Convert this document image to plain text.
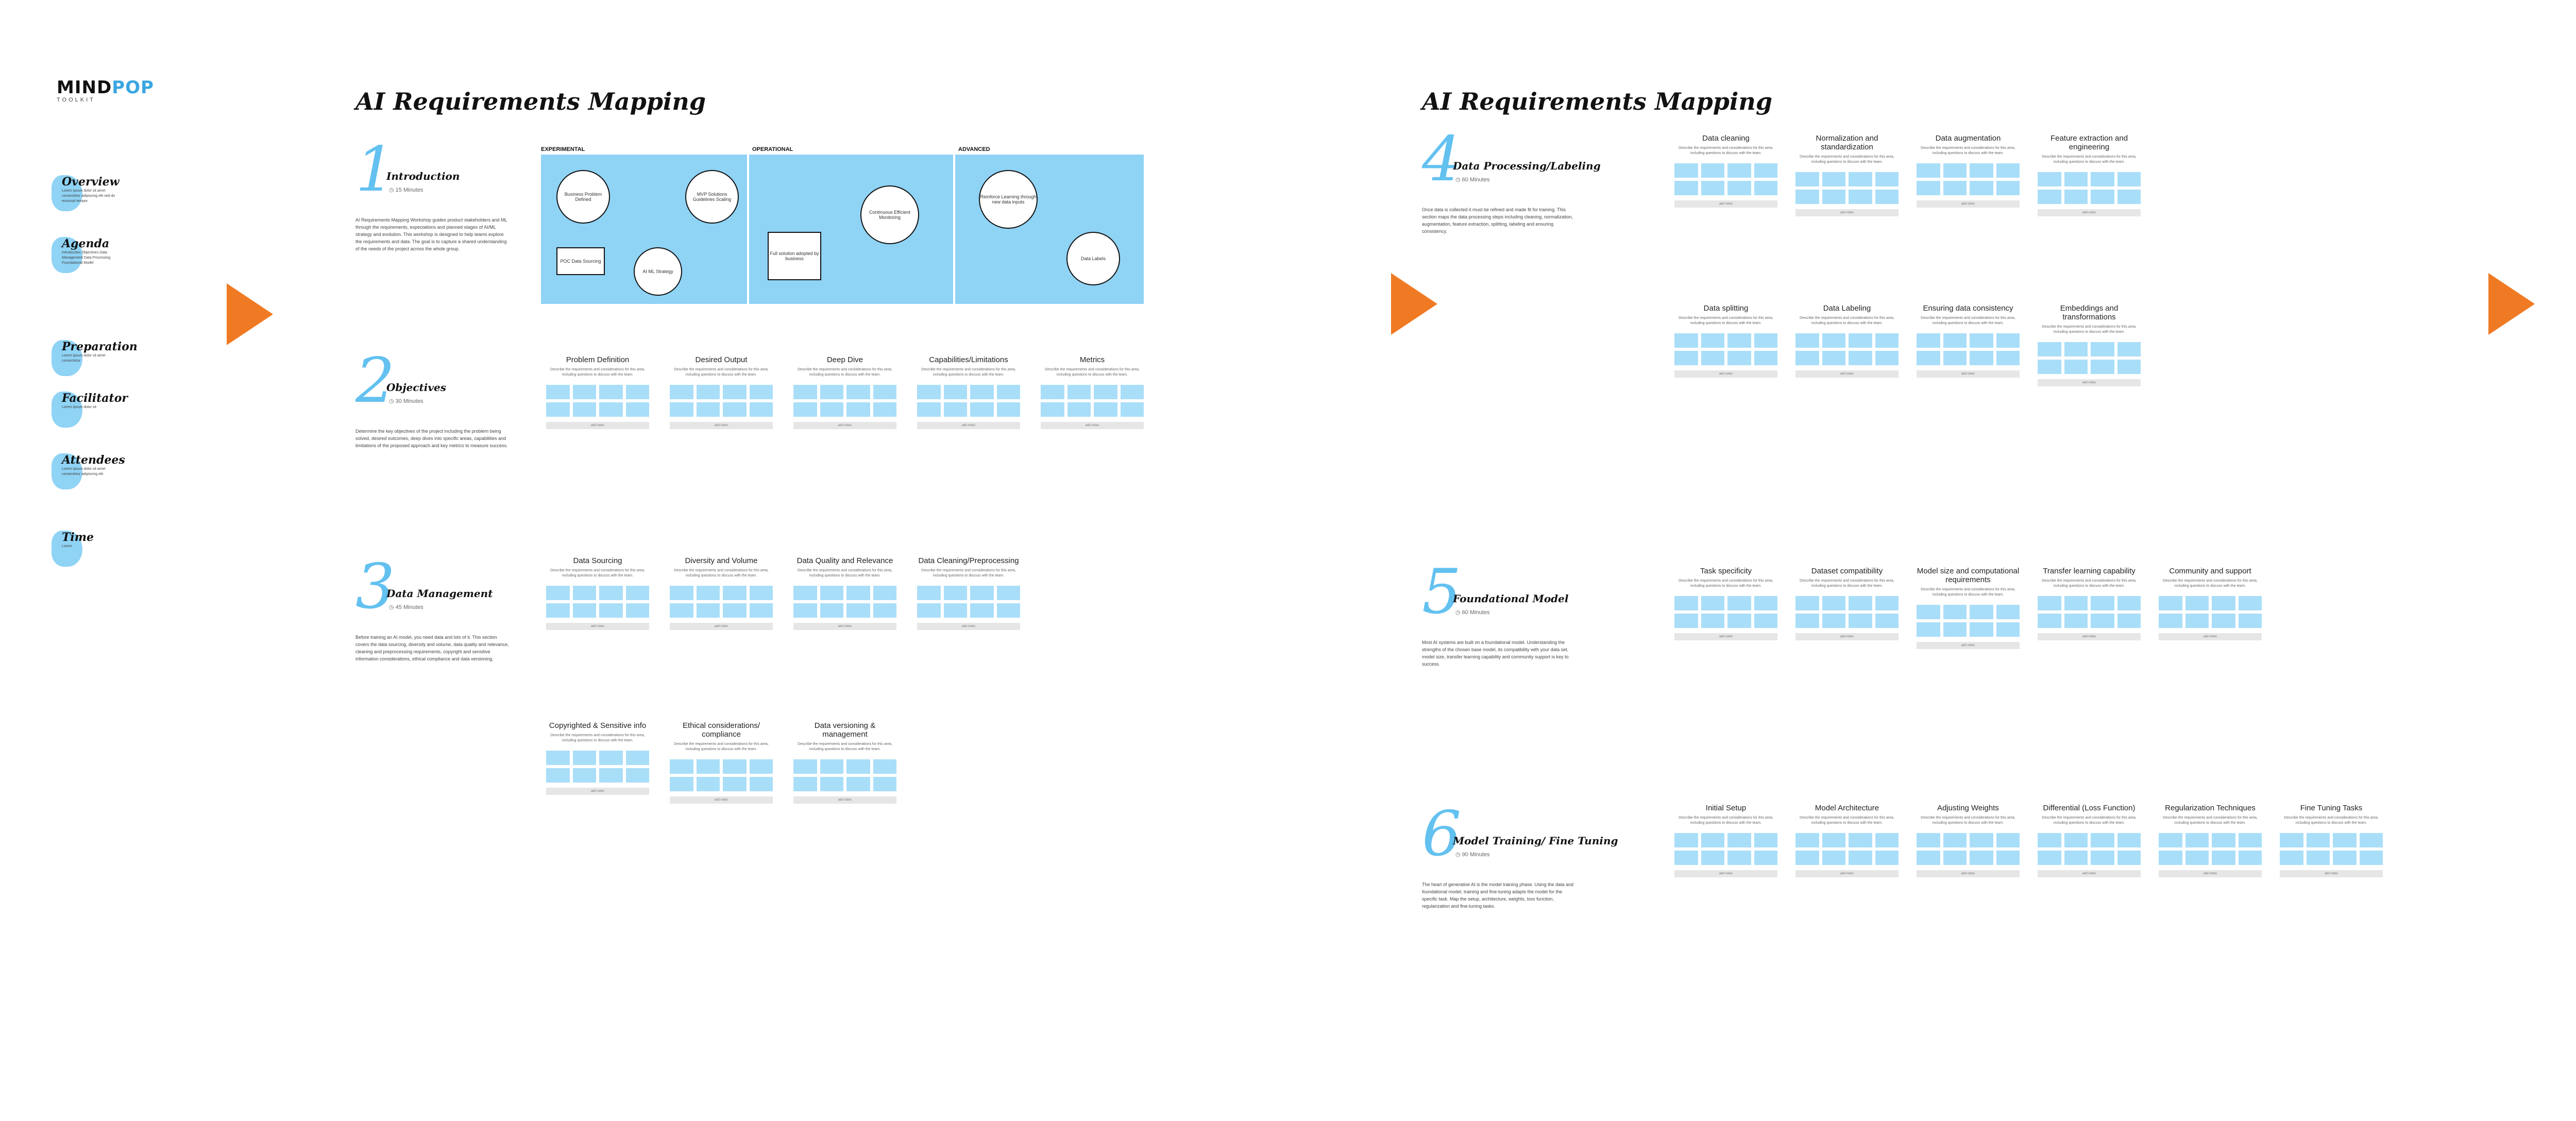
MINDPOP
TOOLKIT
Overview
Lorem ipsum dolor sit amet consectetur adipiscing elit sed do eiusmod tempor
Agenda
Introduction Objectives Data Management Data Processing Foundational Model
Preparation
Lorem ipsum dolor sit amet consectetur
Facilitator
Lorem ipsum dolor sit
Attendees
Lorem ipsum dolor sit amet consectetur adipiscing elit
Time
Lorem
AI Requirements Mapping	AI Requirements Mapping
EXPERIMENTAL	OPERATIONAL	ADVANCED
Business Problem Defined
POC Data Sourcing
AI ML Strategy
MVP Solutions Guidelines Scaling
Full solution adopted by business
Continuous Efficient Monitoring
Reinforce Learning through new data inputs
Data Labels
1
Introduction
◷ 15 Minutes
AI Requirements Mapping Workshop guides product stakeholders and ML through the requirements, expectations and planned stages of AI/ML strategy and evolution. This workshop is designed to help teams explore the requirements and data. The goal is to capture a shared understanding of the needs of the project across the whole group.
2
Objectives
◷ 30 Minutes
Determine the key objectives of the project including the problem being solved, desired outcomes, deep dives into specific areas, capabilities and limitations of the proposed approach and key metrics to measure success.
Problem Definition
Describe the requirements and considerations for this area, including questions to discuss with the team.
add notes
Desired Output
Describe the requirements and considerations for this area, including questions to discuss with the team.
add notes
Deep Dive
Describe the requirements and considerations for this area, including questions to discuss with the team.
add notes
Capabilities/Limitations
Describe the requirements and considerations for this area, including questions to discuss with the team.
add notes
Metrics
Describe the requirements and considerations for this area, including questions to discuss with the team.
add notes
3
Data Management
◷ 45 Minutes
Before training an AI model, you need data and lots of it. This section covers the data sourcing, diversity and volume, data quality and relevance, cleaning and preprocessing requirements, copyright and sensitive information considerations, ethical compliance and data versioning.
Data Sourcing
Describe the requirements and considerations for this area, including questions to discuss with the team.
add notes
Diversity and Volume
Describe the requirements and considerations for this area, including questions to discuss with the team.
add notes
Data Quality and Relevance
Describe the requirements and considerations for this area, including questions to discuss with the team.
add notes
Data Cleaning/Preprocessing
Describe the requirements and considerations for this area, including questions to discuss with the team.
add notes
Copyrighted & Sensitive info
Describe the requirements and considerations for this area, including questions to discuss with the team.
add notes
Ethical considerations/ compliance
Describe the requirements and considerations for this area, including questions to discuss with the team.
add notes
Data versioning & management
Describe the requirements and considerations for this area, including questions to discuss with the team.
add notes
4
Data Processing/Labeling
◷ 60 Minutes
Once data is collected it must be refined and made fit for training. This section maps the data processing steps including cleaning, normalization, augmentation, feature extraction, splitting, labeling and ensuring consistency.
Data cleaning
Describe the requirements and considerations for this area, including questions to discuss with the team.
add notes
Normalization and standardization
Describe the requirements and considerations for this area, including questions to discuss with the team.
add notes
Data augmentation
Describe the requirements and considerations for this area, including questions to discuss with the team.
add notes
Feature extraction and engineering
Describe the requirements and considerations for this area, including questions to discuss with the team.
add notes
Data splitting
Describe the requirements and considerations for this area, including questions to discuss with the team.
add notes
Data Labeling
Describe the requirements and considerations for this area, including questions to discuss with the team.
add notes
Ensuring data consistency
Describe the requirements and considerations for this area, including questions to discuss with the team.
add notes
Embeddings and transformations
Describe the requirements and considerations for this area, including questions to discuss with the team.
add notes
5
Foundational Model
◷ 60 Minutes
Most AI systems are built on a foundational model. Understanding the strengths of the chosen base model, its compatibility with your data set, model size, transfer learning capability and community support is key to success.
Task specificity
Describe the requirements and considerations for this area, including questions to discuss with the team.
add notes
Dataset compatibility
Describe the requirements and considerations for this area, including questions to discuss with the team.
add notes
Model size and computational requirements
Describe the requirements and considerations for this area, including questions to discuss with the team.
add notes
Transfer learning capability
Describe the requirements and considerations for this area, including questions to discuss with the team.
add notes
Community and support
Describe the requirements and considerations for this area, including questions to discuss with the team.
add notes
6
Model Training/ Fine Tuning
◷ 90 Minutes
The heart of generative AI is the model training phase. Using the data and foundational model, training and fine-tuning adapts the model for the specific task. Map the setup, architecture, weights, loss function, regularization and fine-tuning tasks.
Initial Setup
Describe the requirements and considerations for this area, including questions to discuss with the team.
add notes
Model Architecture
Describe the requirements and considerations for this area, including questions to discuss with the team.
add notes
Adjusting Weights
Describe the requirements and considerations for this area, including questions to discuss with the team.
add notes
Differential (Loss Function)
Describe the requirements and considerations for this area, including questions to discuss with the team.
add notes
Regularization Techniques
Describe the requirements and considerations for this area, including questions to discuss with the team.
add notes
Fine Tuning Tasks
Describe the requirements and considerations for this area, including questions to discuss with the team.
add notes
